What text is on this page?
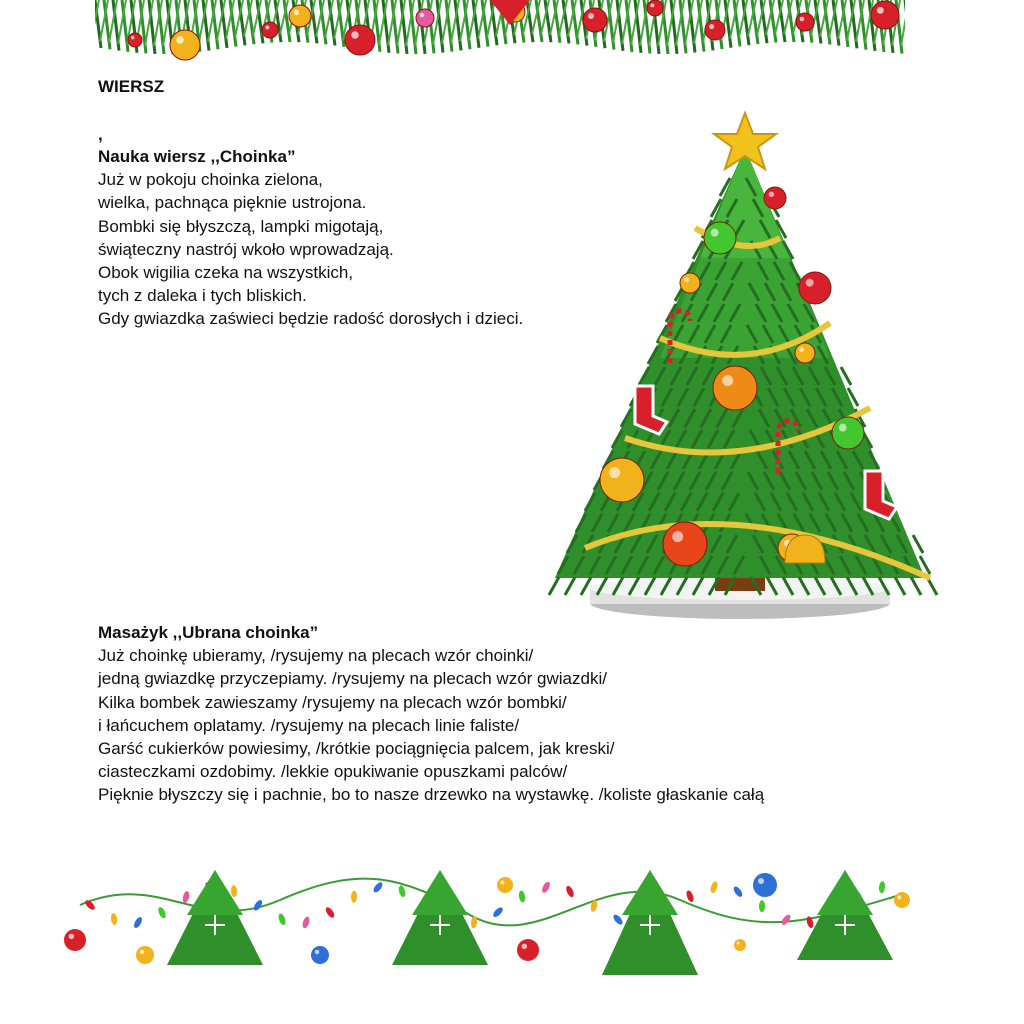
WIERSZ
,
Nauka wiersz ,,Choinka”
Już w pokoju choinka zielona,
wielka, pachnąca pięknie ustrojona.
Bombki się błyszczą, lampki migotają,
świąteczny nastrój wkoło wprowadzają.
Obok wigilia czeka na wszystkich,
tych z daleka i tych bliskich.
Gdy gwiazdka zaświeci będzie radość dorosłych i dzieci.
Masażyk ,,Ubrana choinka”
Już choinkę ubieramy, /rysujemy na plecach wzór choinki/
jedną gwiazdkę przyczepiamy. /rysujemy na plecach wzór gwiazdki/
Kilka bombek zawieszamy /rysujemy na plecach wzór bombki/
i łańcuchem oplatamy. /rysujemy na plecach linie faliste/
Garść cukierków powiesimy, /krótkie pociągnięcia palcem, jak kreski/
ciasteczkami ozdobimy. /lekkie opukiwanie opuszkami palców/
Pięknie błyszczy się i pachnie, bo to nasze drzewko na wystawkę. /koliste głaskanie całą
